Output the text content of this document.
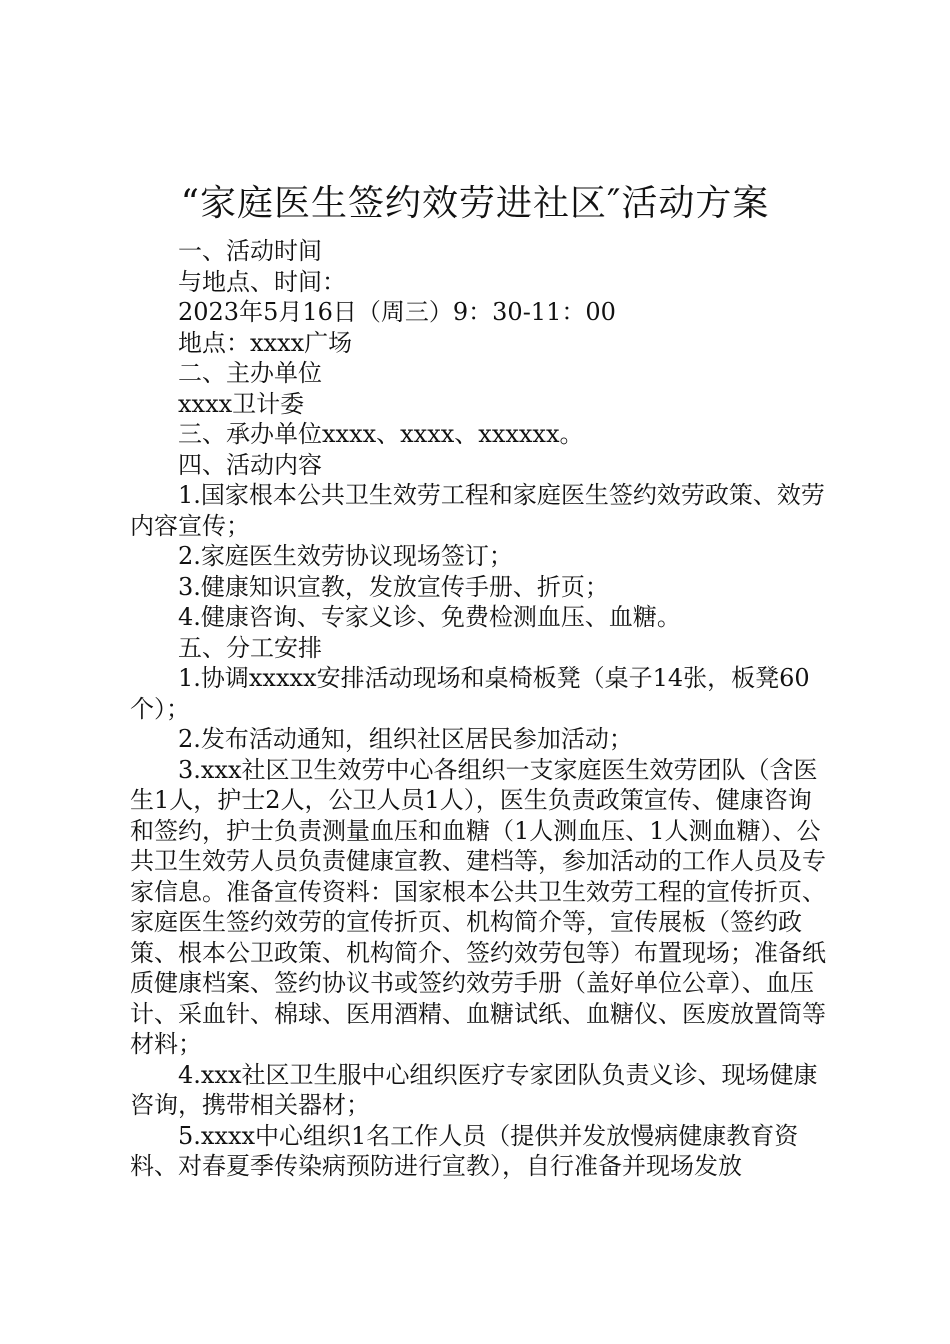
“家庭医生签约效劳进社区″活动方案

一、活动时间

与地点、时间：

2023年5月16日（周三）9：30-11：00

地点：xxxx广场

二、主办单位

xxxx卫计委

三、承办单位xxxx、xxxx、xxxxxx。

四、活动内容

1.国家根本公共卫生效劳工程和家庭医生签约效劳政策、效劳内容宣传；

2.家庭医生效劳协议现场签订；

3.健康知识宣教，发放宣传手册、折页；

4.健康咨询、专家义诊、免费检测血压、血糖。

五、分工安排

1.协调xxxxx安排活动现场和桌椅板凳（桌子14张，板凳60个）；

2.发布活动通知，组织社区居民参加活动；

3.xxx社区卫生效劳中心各组织一支家庭医生效劳团队（含医生1人，护士2人，公卫人员1人），医生负责政策宣传、健康咨询和签约，护士负责测量血压和血糖（1人测血压、1人测血糖）、公共卫生效劳人员负责健康宣教、建档等，参加活动的工作人员及专家信息。准备宣传资料：国家根本公共卫生效劳工程的宣传折页、家庭医生签约效劳的宣传折页、机构简介等，宣传展板（签约政策、根本公卫政策、机构简介、签约效劳包等）布置现场；准备纸质健康档案、签约协议书或签约效劳手册（盖好单位公章）、血压计、采血针、棉球、医用酒精、血糖试纸、血糖仪、医废放置筒等材料；

4.xxx社区卫生服中心组织医疗专家团队负责义诊、现场健康咨询，携带相关器材；

5.xxxx中心组织1名工作人员（提供并发放慢病健康教育资料、对春夏季传染病预防进行宣教），自行准备并现场发放
